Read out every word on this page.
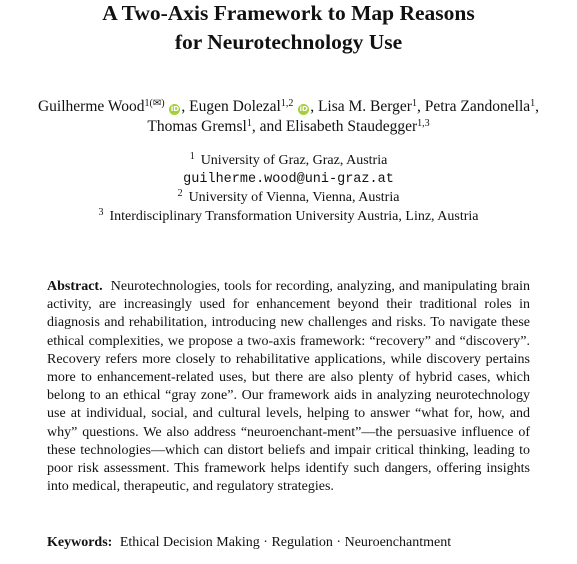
A Two-Axis Framework to Map Reasons
for Neurotechnology Use
Guilherme Wood$^{1(✉)}$ iD , Eugen Dolezal$^{1,2}$ iD , Lisa M. Berger$^1$, Petra Zandonella$^1$,
Thomas Gremsl$^1$, and Elisabeth Staudegger$^{1,3}$
$^1$ University of Graz, Graz, Austria
guilherme.wood@uni-graz.at
$^2$ University of Vienna, Vienna, Austria
$^3$ Interdisciplinary Transformation University Austria, Linz, Austria
Abstract. Neurotechnologies, tools for recording, analyzing, and manipulating brain activity, are increasingly used for enhancement beyond their traditional roles in diagnosis and rehabilitation, introducing new challenges and risks. To navigate these ethical complexities, we propose a two-axis framework: “recovery” and “discovery”. Recovery refers more closely to rehabilitative applications, while discovery pertains more to enhancement-related uses, but there are also plenty of hybrid cases, which belong to an ethical “gray zone”. Our framework aids in analyzing neurotechnology use at individual, social, and cultural levels, helping to answer “what for, how, and why” questions. We also address “neuroenchant-ment”—the persuasive influence of these technologies—which can distort beliefs and impair critical thinking, leading to poor risk assessment. This framework helps identify such dangers, offering insights into medical, therapeutic, and regulatory strategies.
Keywords: Ethical Decision Making · Regulation · Neuroenchantment
